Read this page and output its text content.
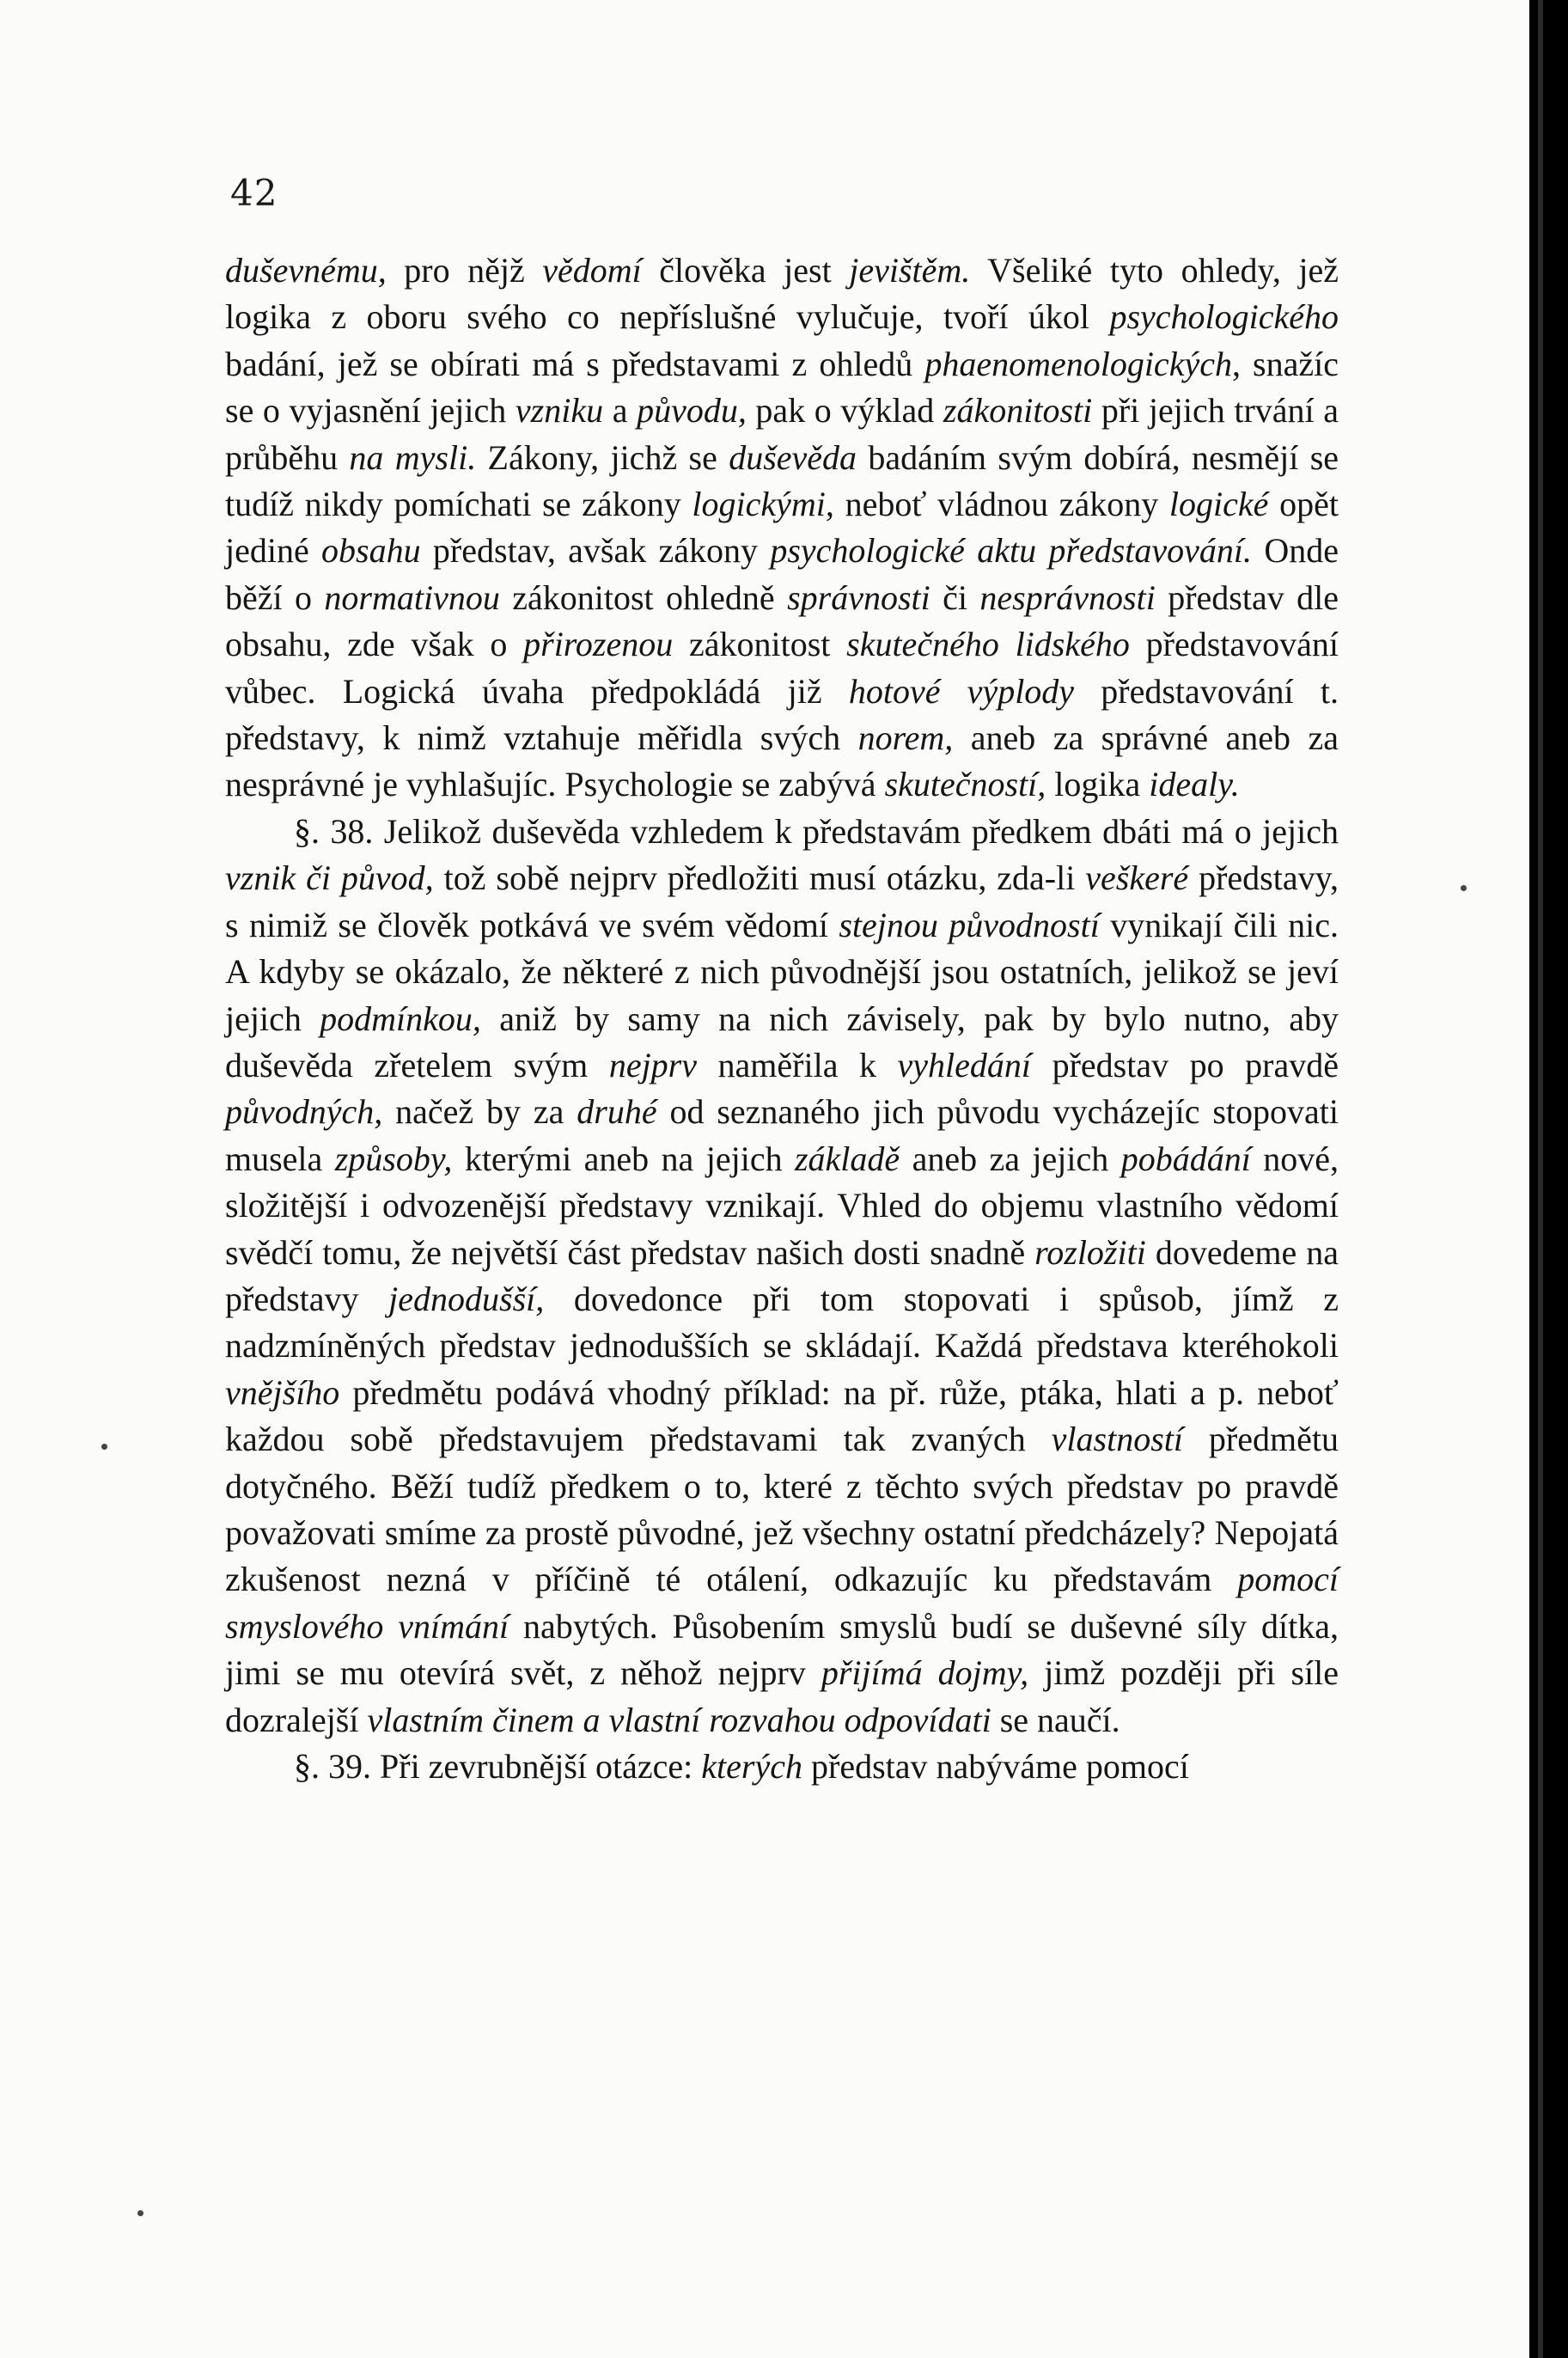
42

duševnému, pro nějž vědomí člověka jest jevištěm. Všeliké tyto ohledy, jež logika z oboru svého co nepříslušné vylučuje, tvoří úkol psychologického badání, jež se obírati má s představami z ohledů phaenomenologických, snažíc se o vyjasnění jejich vzniku a původu, pak o výklad zákonitosti při jejich trvání a průběhu na mysli. Zákony, jichž se duševěda badáním svým dobírá, nesmějí se tudíž nikdy pomíchati se zákony logickými, neboť vládnou zákony logické opět jediné obsahu představ, avšak zákony psychologické aktu představování. Onde běží o normativnou zákonitost ohledně správnosti či nesprávnosti představ dle obsahu, zde však o přirozenou zákonitost skutečného lidského představování vůbec. Logická úvaha předpokládá již hotové výplody představování t. představy, k nimž vztahuje měřidla svých norem, aneb za správné aneb za nesprávné je vyhlašujíc. Psychologie se zabývá skutečností, logika idealy.

§. 38. Jelikož duševěda vzhledem k představám předkem dbáti má o jejich vznik či původ, tož sobě nejprv předložiti musí otázku, zda-li veškeré představy, s nimiž se člověk potkává ve svém vědomí stejnou původností vynikají čili nic. A kdyby se okázalo, že některé z nich původnější jsou ostatních, jelikož se jeví jejich podmínkou, aniž by samy na nich závisely, pak by bylo nutno, aby duševěda zřetelem svým nejprv naměřila k vyhledání představ po pravdě původných, načež by za druhé od seznaného jich původu vycházejíc stopovati musela způsoby, kterými aneb na jejich základě aneb za jejich pobádání nové, složitější i odvozenější představy vznikají. Vhled do objemu vlastního vědomí svědčí tomu, že největší část představ našich dosti snadně rozložiti dovedeme na představy jednodušší, dovedonce při tom stopovati i spůsob, jímž z nadzmíněných představ jednodušších se skládají. Každá představa kteréhokoli vnějšího předmětu podává vhodný příklad: na př. růže, ptáka, hlati a p. neboť každou sobě představujem představami tak zvaných vlastností předmětu dotyčného. Běží tudíž předkem o to, které z těchto svých představ po pravdě považovati smíme za prostě původné, jež všechny ostatní předcházely? Nepojatá zkušenost nezná v příčině té otálení, odkazujíc ku představám pomocí smyslového vnímání nabytých. Působením smyslů budí se duševné síly dítka, jimi se mu otevírá svět, z něhož nejprv přijímá dojmy, jimž později při síle dozralejší vlastním činem a vlastní rozvahou odpovídati se naučí.

§. 39. Při zevrubnější otázce: kterých představ nabýváme pomocí
